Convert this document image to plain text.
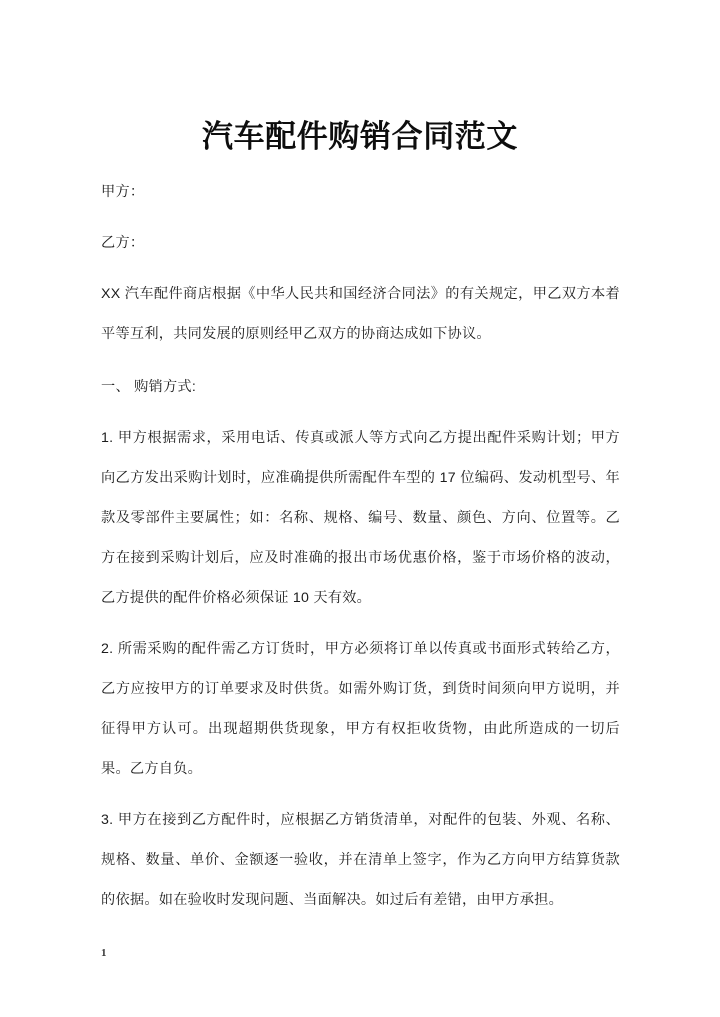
汽车配件购销合同范文

甲方：

乙方：

XX 汽车配件商店根据《中华人民共和国经济合同法》的有关规定，甲乙双方本着平等互利，共同发展的原则经甲乙双方的协商达成如下协议。

一、 购销方式:

1. 甲方根据需求，采用电话、传真或派人等方式向乙方提出配件采购计划；甲方向乙方发出采购计划时，应准确提供所需配件车型的 17 位编码、发动机型号、年款及零部件主要属性；如：名称、规格、编号、数量、颜色、方向、位置等。乙方在接到采购计划后，应及时准确的报出市场优惠价格，鉴于市场价格的波动，乙方提供的配件价格必须保证 10 天有效。

2. 所需采购的配件需乙方订货时，甲方必须将订单以传真或书面形式转给乙方，乙方应按甲方的订单要求及时供货。如需外购订货，到货时间须向甲方说明，并征得甲方认可。出现超期供货现象，甲方有权拒收货物，由此所造成的一切后果。乙方自负。

3. 甲方在接到乙方配件时，应根据乙方销货清单，对配件的包装、外观、名称、规格、数量、单价、金额逐一验收，并在清单上签字，作为乙方向甲方结算货款的依据。如在验收时发现问题、当面解决。如过后有差错，由甲方承担。

1
